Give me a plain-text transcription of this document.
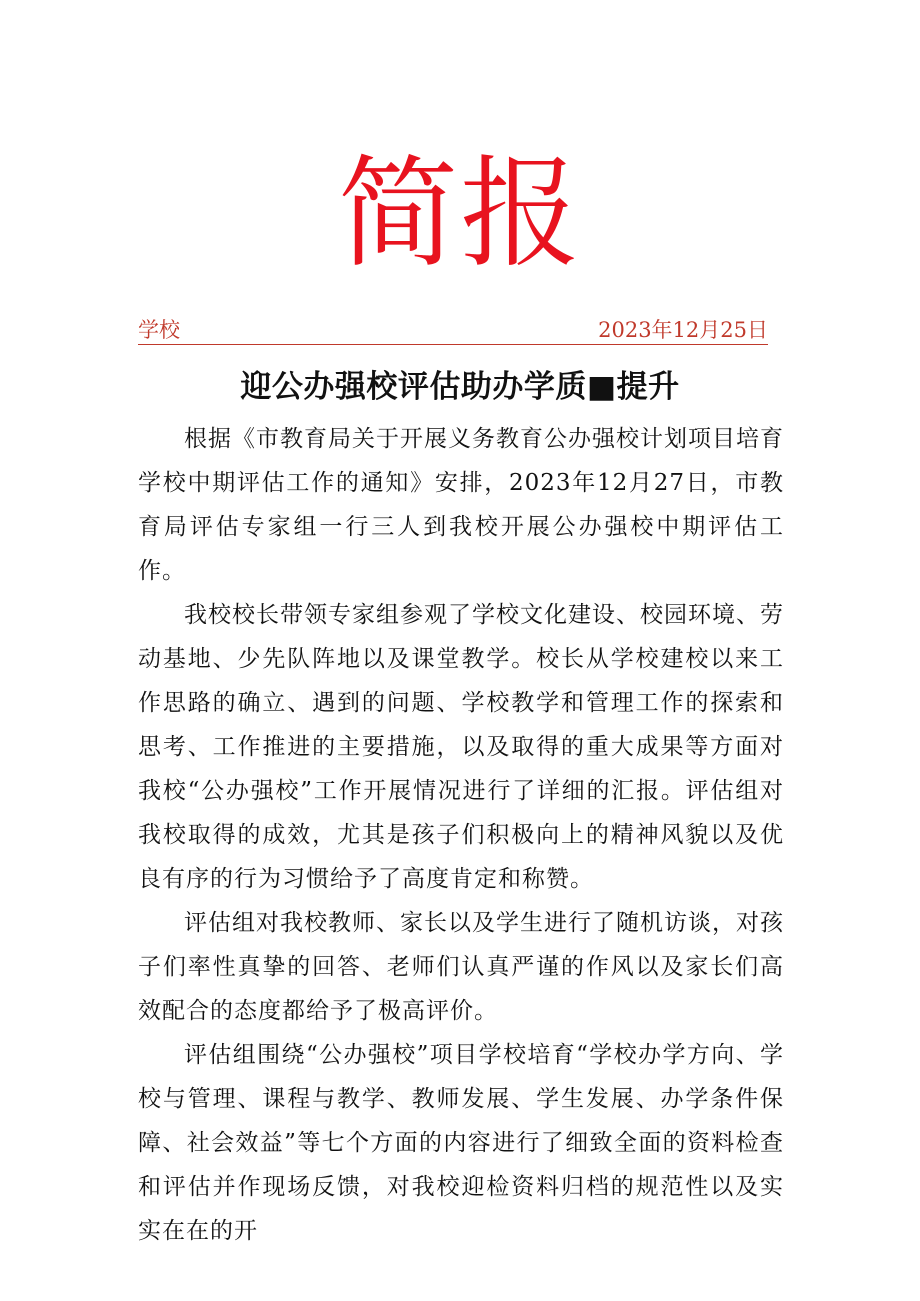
简报
学校	2023年12月25日
迎公办强校评估助办学质■提升

根据《市教育局关于开展义务教育公办强校计划项目培育学校中期评估工作的通知》安排，2023年12月27日，市教育局评估专家组一行三人到我校开展公办强校中期评估工作。

我校校长带领专家组参观了学校文化建设、校园环境、劳动基地、少先队阵地以及课堂教学。校长从学校建校以来工作思路的确立、遇到的问题、学校教学和管理工作的探索和思考、工作推进的主要措施，以及取得的重大成果等方面对我校“公办强校”工作开展情况进行了详细的汇报。评估组对我校取得的成效，尤其是孩子们积极向上的精神风貌以及优良有序的行为习惯给予了高度肯定和称赞。

评估组对我校教师、家长以及学生进行了随机访谈，对孩子们率性真挚的回答、老师们认真严谨的作风以及家长们高效配合的态度都给予了极高评价。

评估组围绕“公办强校”项目学校培育“学校办学方向、学校与管理、课程与教学、教师发展、学生发展、办学条件保障、社会效益”等七个方面的内容进行了细致全面的资料检查和评估并作现场反馈，对我校迎检资料归档的规范性以及实实在在的开
